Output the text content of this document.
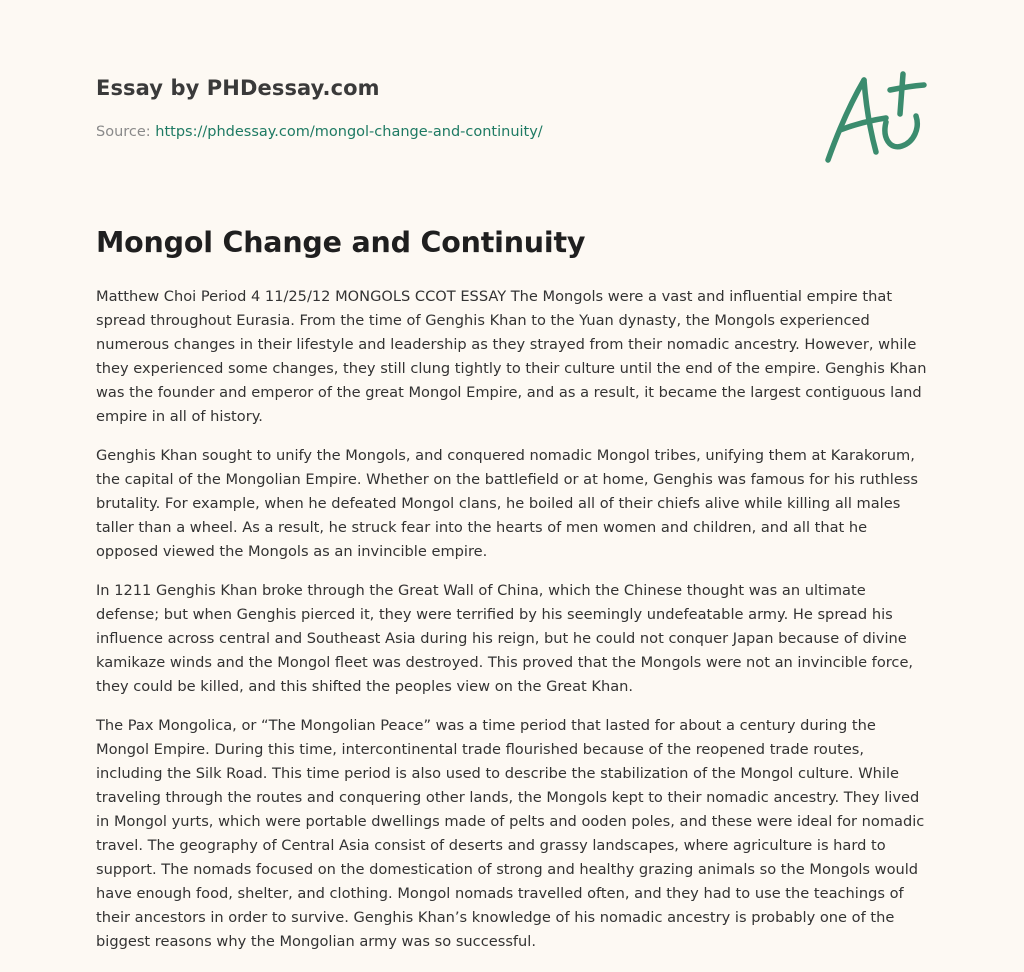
Essay by PHDessay.com

Source: https://phdessay.com/mongol-change-and-continuity/

Mongol Change and Continuity

Matthew Choi Period 4 11/25/12 MONGOLS CCOT ESSAY The Mongols were a vast and influential empire that spread throughout Eurasia. From the time of Genghis Khan to the Yuan dynasty, the Mongols experienced numerous changes in their lifestyle and leadership as they strayed from their nomadic ancestry. However, while they experienced some changes, they still clung tightly to their culture until the end of the empire. Genghis Khan was the founder and emperor of the great Mongol Empire, and as a result, it became the largest contiguous land empire in all of history.

Genghis Khan sought to unify the Mongols, and conquered nomadic Mongol tribes, unifying them at Karakorum, the capital of the Mongolian Empire. Whether on the battlefield or at home, Genghis was famous for his ruthless brutality. For example, when he defeated Mongol clans, he boiled all of their chiefs alive while killing all males taller than a wheel. As a result, he struck fear into the hearts of men women and children, and all that he opposed viewed the Mongols as an invincible empire.

In 1211 Genghis Khan broke through the Great Wall of China, which the Chinese thought was an ultimate defense; but when Genghis pierced it, they were terrified by his seemingly undefeatable army. He spread his influence across central and Southeast Asia during his reign, but he could not conquer Japan because of divine kamikaze winds and the Mongol fleet was destroyed. This proved that the Mongols were not an invincible force, they could be killed, and this shifted the peoples view on the Great Khan.

The Pax Mongolica, or “The Mongolian Peace” was a time period that lasted for about a century during the Mongol Empire. During this time, intercontinental trade flourished because of the reopened trade routes, including the Silk Road. This time period is also used to describe the stabilization of the Mongol culture. While traveling through the routes and conquering other lands, the Mongols kept to their nomadic ancestry. They lived in Mongol yurts, which were portable dwellings made of pelts and ooden poles, and these were ideal for nomadic travel. The geography of Central Asia consist of deserts and grassy landscapes, where agriculture is hard to support. The nomads focused on the domestication of strong and healthy grazing animals so the Mongols would have enough food, shelter, and clothing. Mongol nomads travelled often, and they had to use the teachings of their ancestors in order to survive. Genghis Khan’s knowledge of his nomadic ancestry is probably one of the biggest reasons why the Mongolian army was so successful.
